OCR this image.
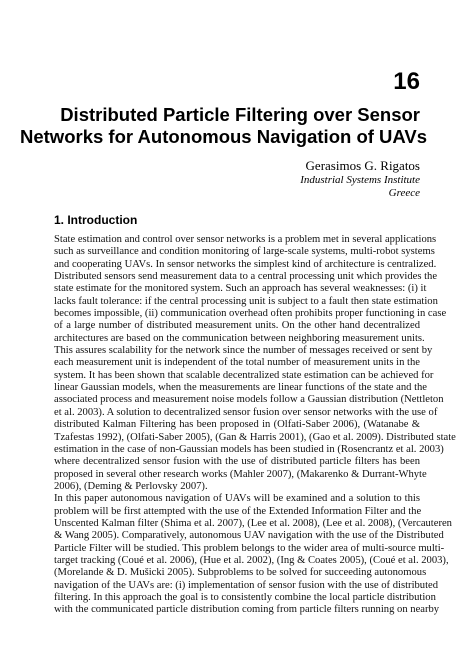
16
Distributed Particle Filtering over Sensor
Networks for Autonomous Navigation of UAVs
Gerasimos G. Rigatos
Industrial Systems Institute
Greece
1. Introduction
State estimation and control over sensor networks is a problem met in several applications
such as surveillance and condition monitoring of large-scale systems, multi-robot systems
and cooperating UAVs. In sensor networks the simplest kind of architecture is centralized.
Distributed sensors send measurement data to a central processing unit which provides the
state estimate for the monitored system. Such an approach has several weaknesses: (i) it
lacks fault tolerance: if the central processing unit is subject to a fault then state estimation
becomes impossible, (ii) communication overhead often prohibits proper functioning in case
of a large number of distributed measurement units. On the other hand decentralized
architectures are based on the communication between neighboring measurement units.
This assures scalability for the network since the number of messages received or sent by
each measurement unit is independent of the total number of measurement units in the
system. It has been shown that scalable decentralized state estimation can be achieved for
linear Gaussian models, when the measurements are linear functions of the state and the
associated process and measurement noise models follow a Gaussian distribution (Nettleton
et al. 2003). A solution to decentralized sensor fusion over sensor networks with the use of
distributed Kalman Filtering has been proposed in (Olfati-Saber 2006), (Watanabe &
Tzafestas 1992), (Olfati-Saber 2005), (Gan & Harris 2001), (Gao et al. 2009). Distributed state
estimation in the case of non-Gaussian models has been studied in (Rosencrantz et al. 2003)
where decentralized sensor fusion with the use of distributed particle filters has been
proposed in several other research works (Mahler 2007), (Makarenko & Durrant-Whyte
2006), (Deming & Perlovsky 2007).
In this paper autonomous navigation of UAVs will be examined and a solution to this
problem will be first attempted with the use of the Extended Information Filter and the
Unscented Kalman filter (Shima et al. 2007), (Lee et al. 2008), (Lee et al. 2008), (Vercauteren
& Wang 2005). Comparatively, autonomous UAV navigation with the use of the Distributed
Particle Filter will be studied. This problem belongs to the wider area of multi-source multi-
target tracking (Coué et al. 2006), (Hue et al. 2002), (Ing & Coates 2005), (Coué et al. 2003),
(Morelande & D. Mušicki 2005). Subproblems to be solved for succeeding autonomous
navigation of the UAVs are: (i) implementation of sensor fusion with the use of distributed
filtering. In this approach the goal is to consistently combine the local particle distribution
with the communicated particle distribution coming from particle filters running on nearby
